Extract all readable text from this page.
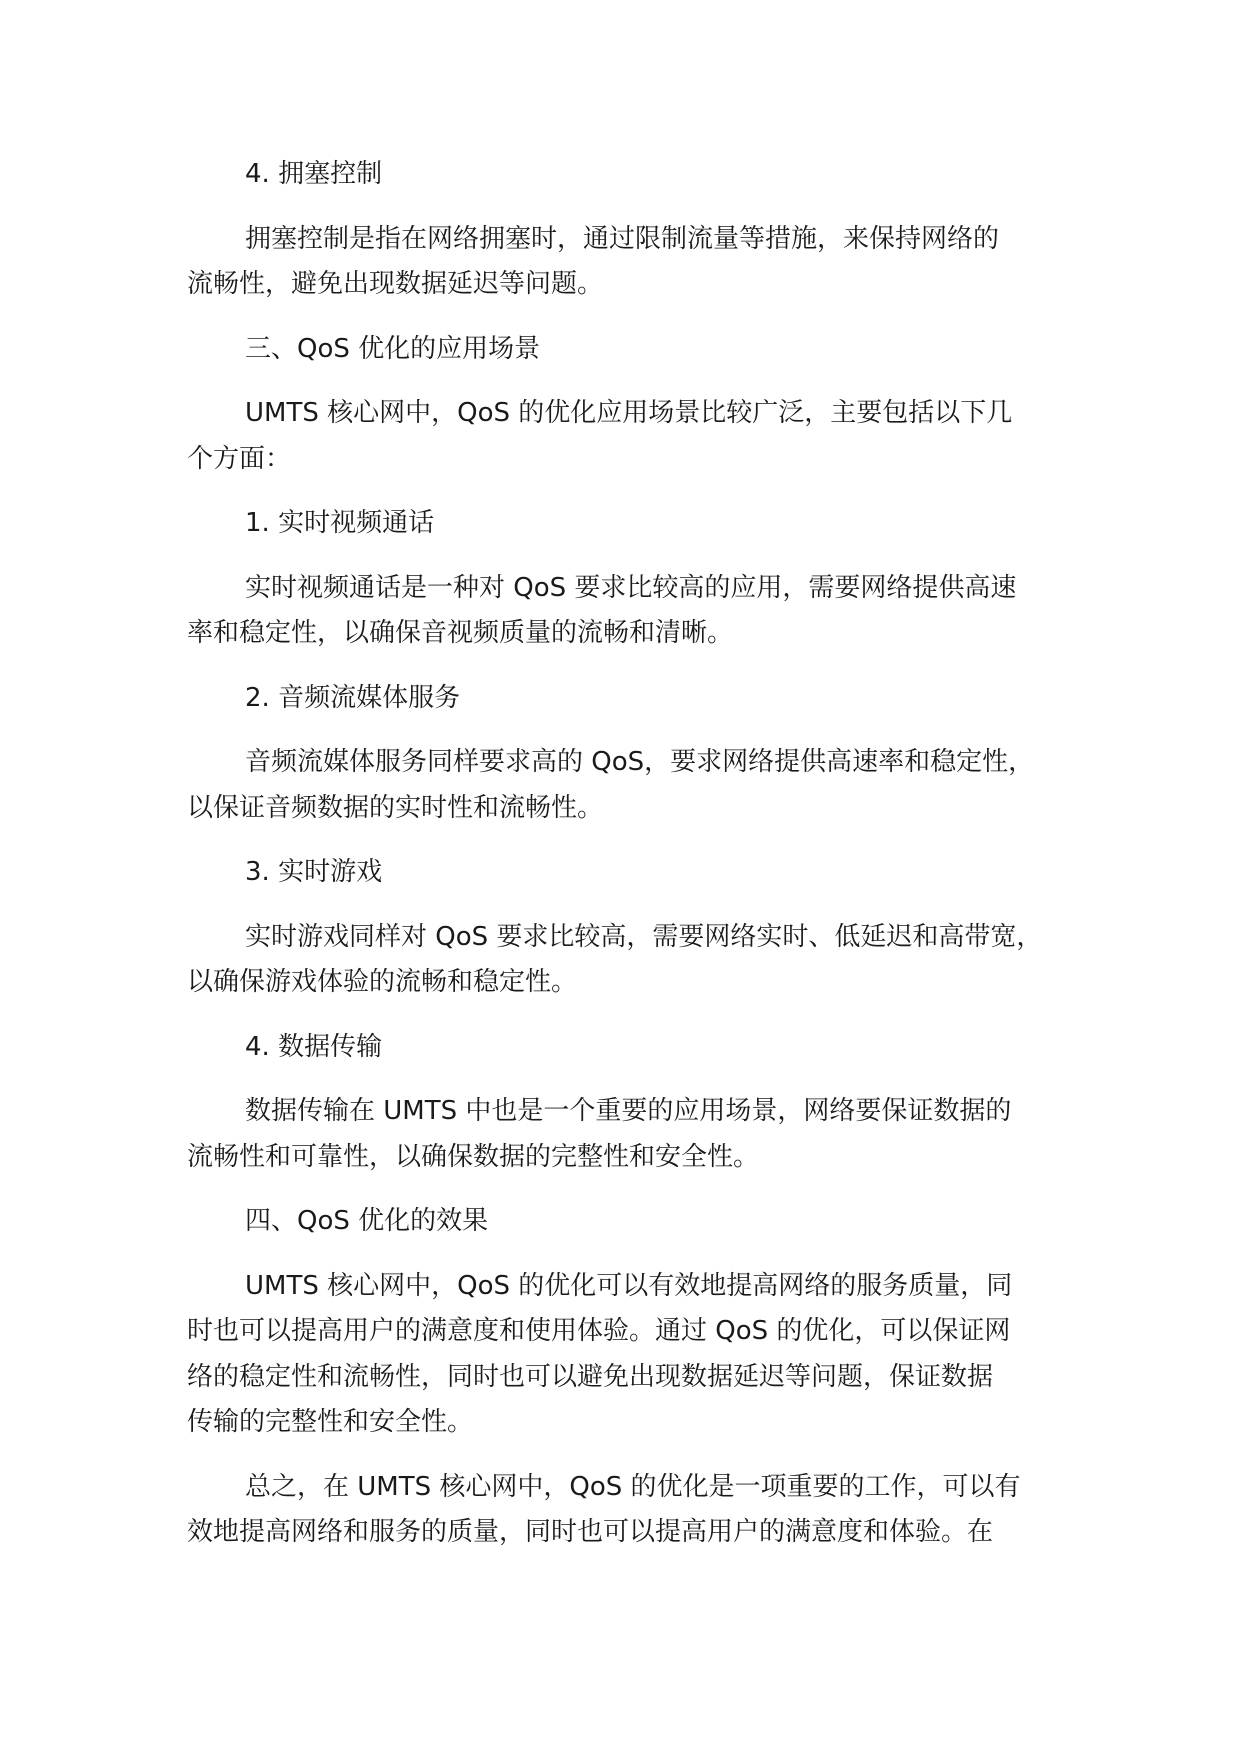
4. 拥塞控制

拥塞控制是指在网络拥塞时，通过限制流量等措施，来保持网络的
流畅性，避免出现数据延迟等问题。

三、QoS 优化的应用场景

UMTS 核心网中，QoS 的优化应用场景比较广泛，主要包括以下几
个方面：

1. 实时视频通话

实时视频通话是一种对 QoS 要求比较高的应用，需要网络提供高速
率和稳定性，以确保音视频质量的流畅和清晰。

2. 音频流媒体服务

音频流媒体服务同样要求高的 QoS，要求网络提供高速率和稳定性，
以保证音频数据的实时性和流畅性。

3. 实时游戏

实时游戏同样对 QoS 要求比较高，需要网络实时、低延迟和高带宽，
以确保游戏体验的流畅和稳定性。

4. 数据传输

数据传输在 UMTS 中也是一个重要的应用场景，网络要保证数据的
流畅性和可靠性，以确保数据的完整性和安全性。

四、QoS 优化的效果

UMTS 核心网中，QoS 的优化可以有效地提高网络的服务质量，同
时也可以提高用户的满意度和使用体验。通过 QoS 的优化，可以保证网
络的稳定性和流畅性，同时也可以避免出现数据延迟等问题，保证数据
传输的完整性和安全性。

总之，在 UMTS 核心网中，QoS 的优化是一项重要的工作，可以有
效地提高网络和服务的质量，同时也可以提高用户的满意度和体验。在
